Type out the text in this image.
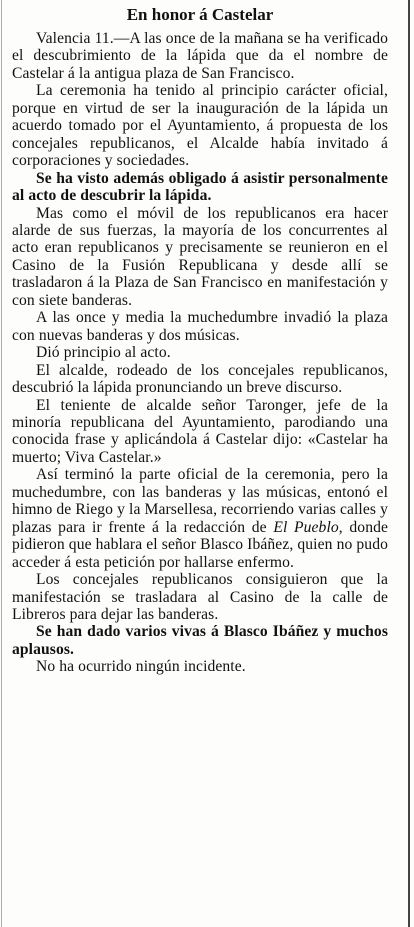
En honor á Castelar

Valencia 11.—A las once de la mañana se ha verificado el descubrimiento de la lápida que da el nombre de Castelar á la antigua plaza de San Francisco.

La ceremonia ha tenido al principio carácter oficial, porque en virtud de ser la inauguración de la lápida un acuerdo tomado por el Ayuntamiento, á propuesta de los concejales republicanos, el Alcalde había invitado á corporaciones y sociedades.

Se ha visto además obligado á asistir personalmente al acto de descubrir la lápida.

Mas como el móvil de los republicanos era hacer alarde de sus fuerzas, la mayoría de los concurrentes al acto eran republicanos y precisamente se reunieron en el Casino de la Fusión Republicana y desde allí se trasladaron á la Plaza de San Francisco en manifestación y con siete banderas.

A las once y media la muchedumbre invadió la plaza con nuevas banderas y dos músicas.

Dió principio al acto.

El alcalde, rodeado de los concejales republicanos, descubrió la lápida pronunciando un breve discurso.

El teniente de alcalde señor Taronger, jefe de la minoría republicana del Ayuntamiento, parodiando una conocida frase y aplicándola á Castelar dijo: «Castelar ha muerto; Viva Castelar.»

Así terminó la parte oficial de la ceremonia, pero la muchedumbre, con las banderas y las músicas, entonó el himno de Riego y la Marsellesa, recorriendo varias calles y plazas para ir frente á la redacción de El Pueblo, donde pidieron que hablara el señor Blasco Ibáñez, quien no pudo acceder á esta petición por hallarse enfermo.

Los concejales republicanos consiguieron que la manifestación se trasladara al Casino de la calle de Libreros para dejar las banderas.

Se han dado varios vivas á Blasco Ibáñez y muchos aplausos.

No ha ocurrido ningún incidente.
